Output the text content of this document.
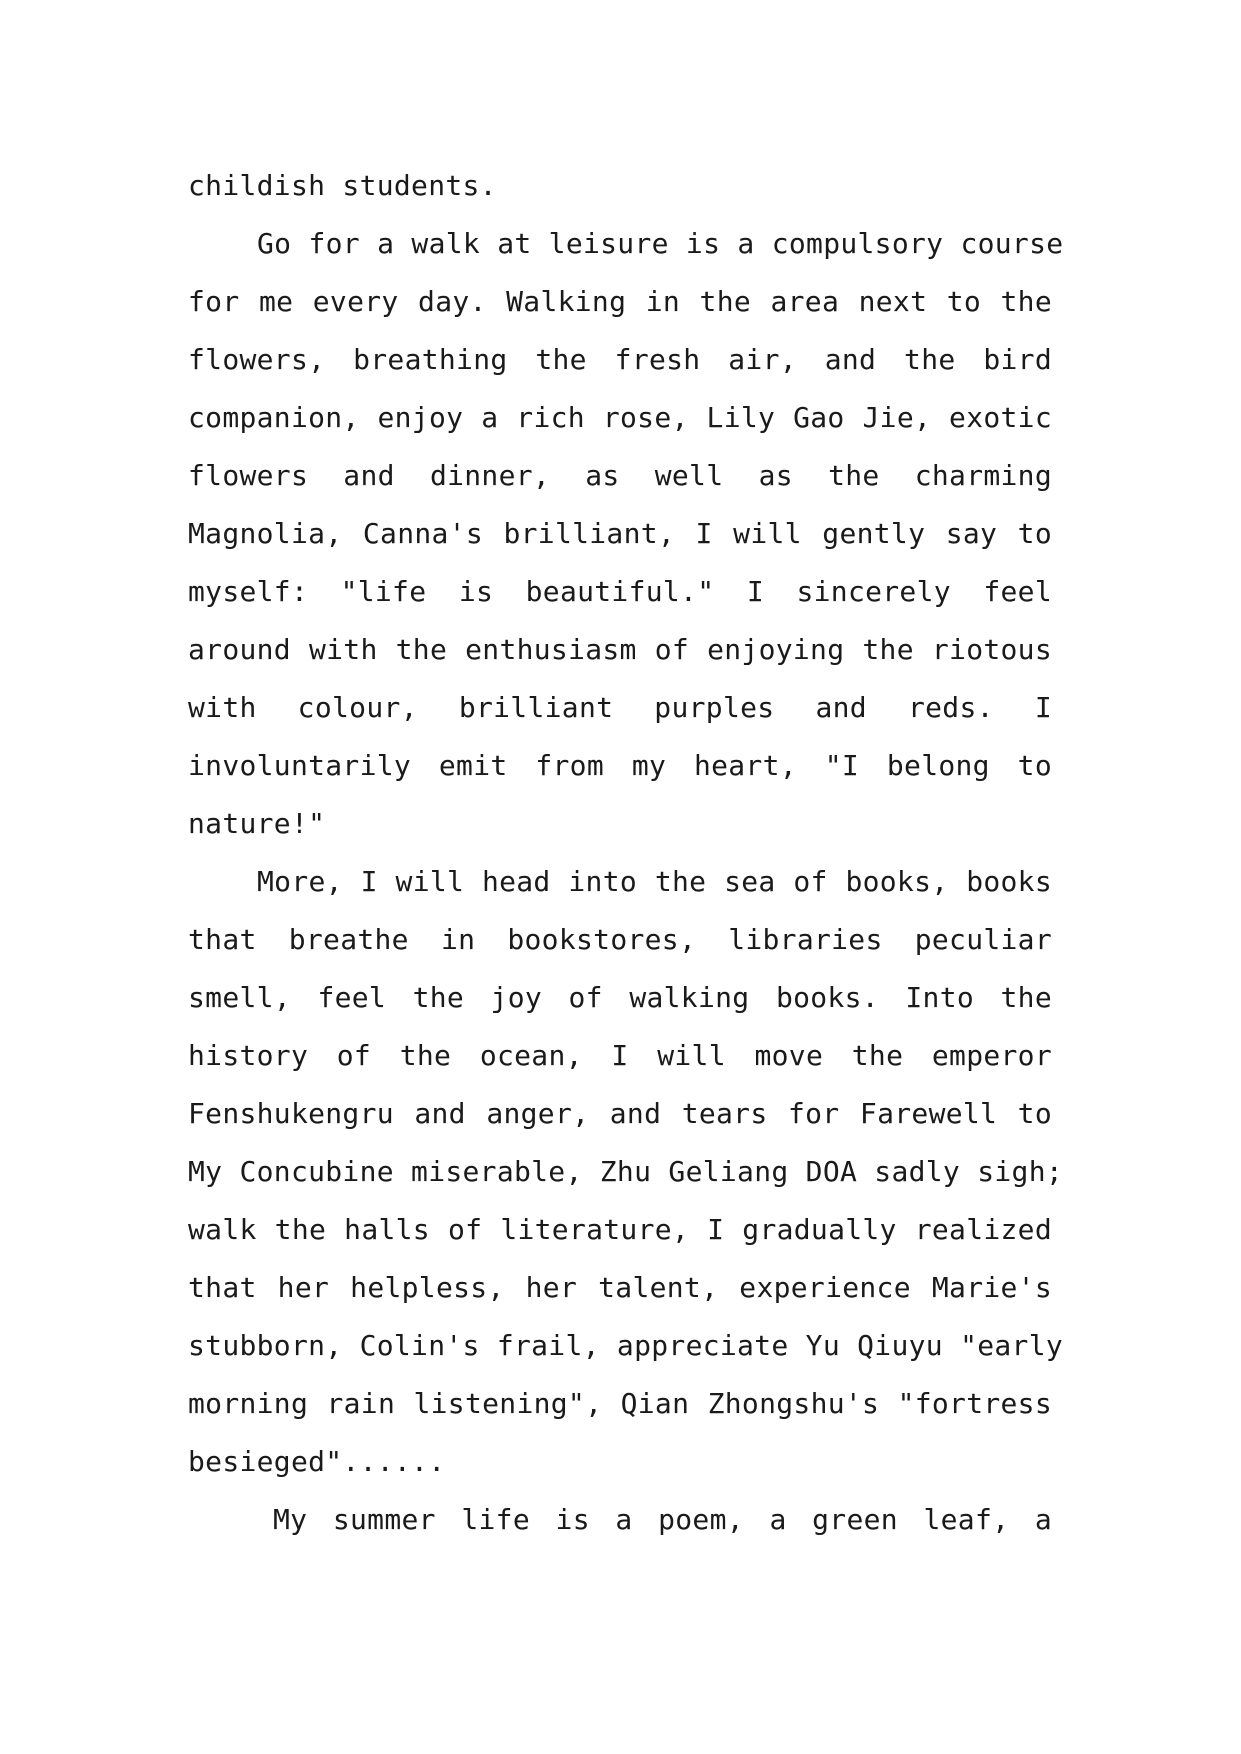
childish students.
Go for a walk at leisure is a compulsory course
for me every day. Walking in the area next to the
flowers, breathing the fresh air, and the bird
companion, enjoy a rich rose, Lily Gao Jie, exotic
flowers and dinner, as well as the charming
Magnolia, Canna's brilliant, I will gently say to
myself: "life is beautiful." I sincerely feel
around with the enthusiasm of enjoying the riotous
with colour, brilliant purples and reds. I
involuntarily emit from my heart, "I belong to
nature!"
More, I will head into the sea of books, books
that breathe in bookstores, libraries peculiar
smell, feel the joy of walking books. Into the
history of the ocean, I will move the emperor
Fenshukengru and anger, and tears for Farewell to
My Concubine miserable, Zhu Geliang DOA sadly sigh;
walk the halls of literature, I gradually realized
that her helpless, her talent, experience Marie's
stubborn, Colin's frail, appreciate Yu Qiuyu "early
morning rain listening", Qian Zhongshu's "fortress
besieged"......
My summer life is a poem, a green leaf, a
